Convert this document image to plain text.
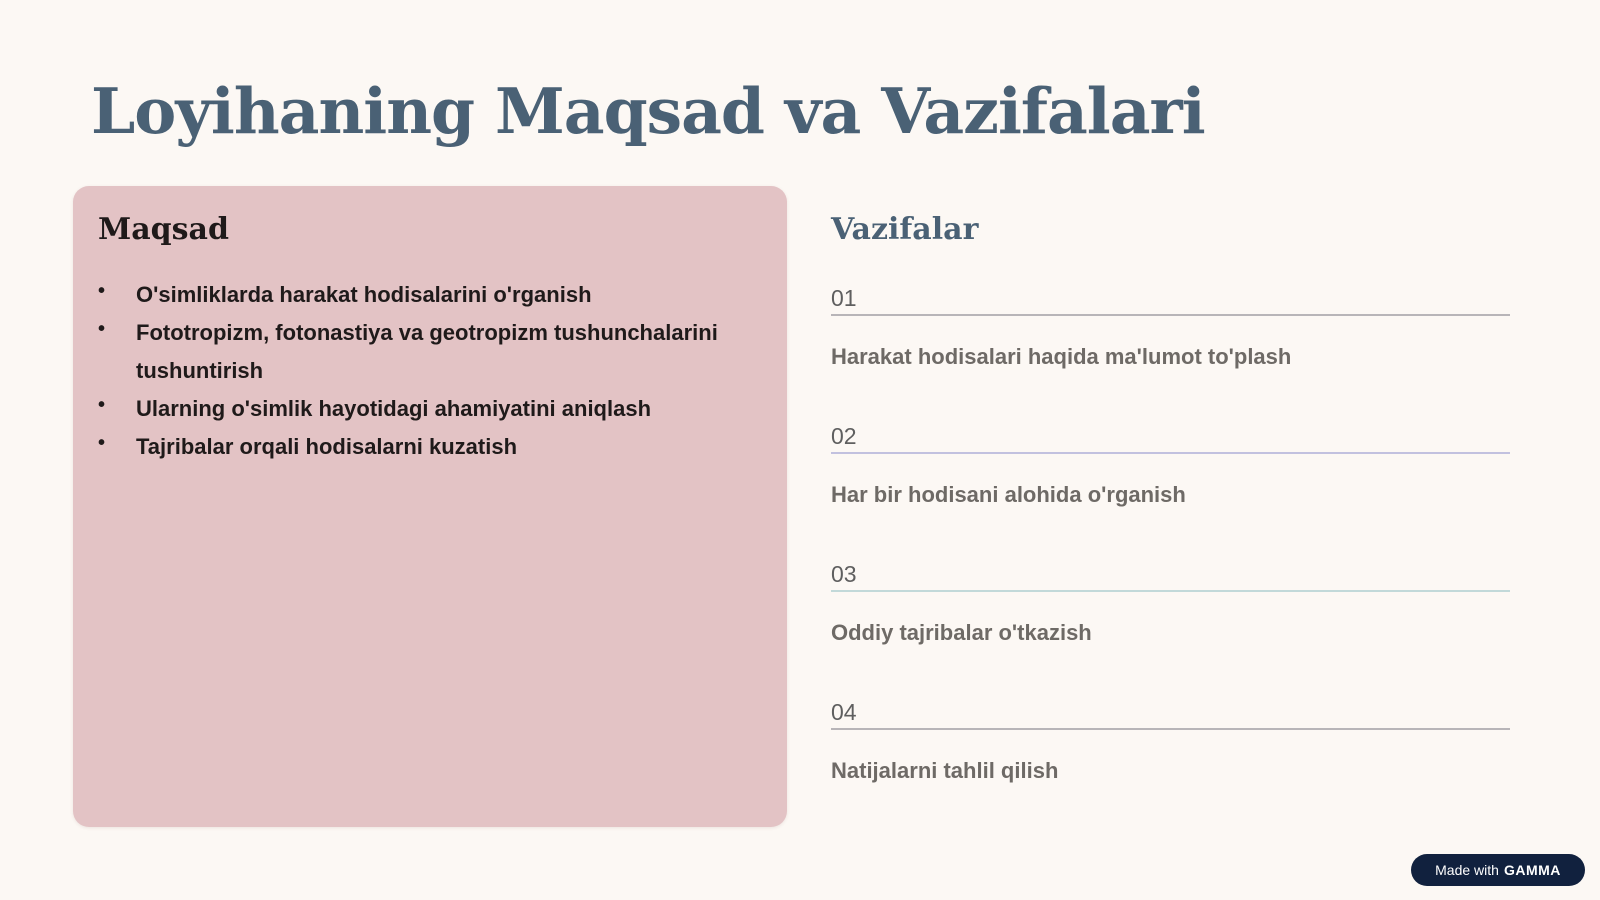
Loyihaning Maqsad va Vazifalari
Maqsad
• O'simliklarda harakat hodisalarini o'rganish
• Fototropizm, fotonastiya va geotropizm tushunchalarini tushuntirish
• Ularning o'simlik hayotidagi ahamiyatini aniqlash
• Tajribalar orqali hodisalarni kuzatish
Vazifalar
01
Harakat hodisalari haqida ma'lumot to'plash
02
Har bir hodisani alohida o'rganish
03
Oddiy tajribalar o'tkazish
04
Natijalarni tahlil qilish
Made with GAMMA
